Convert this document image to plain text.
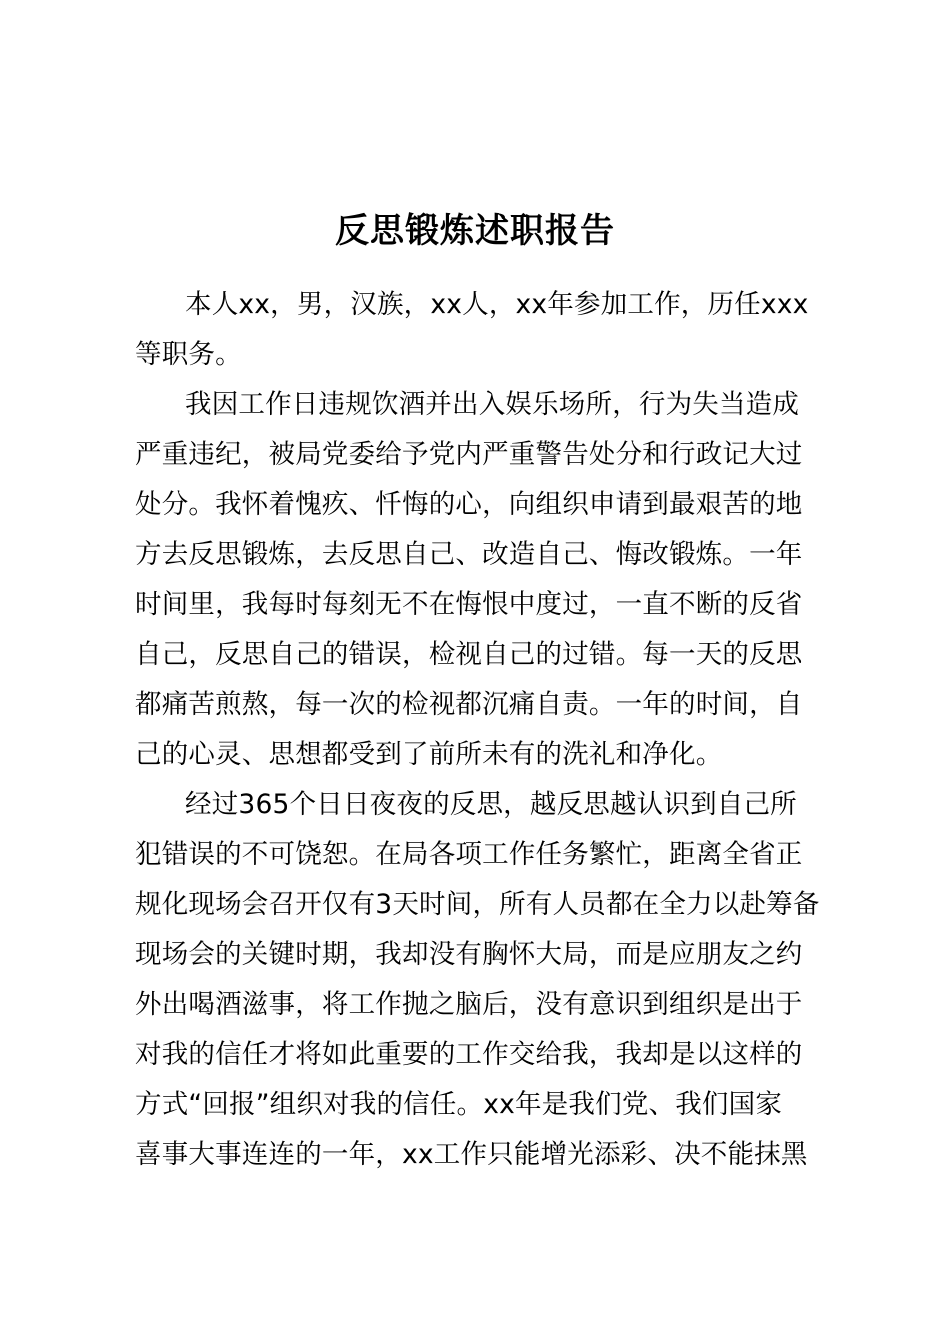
反思锻炼述职报告
本人xx，男，汉族，xx人，xx年参加工作，历任xxx
等职务。
我因工作日违规饮酒并出入娱乐场所，行为失当造成
严重违纪，被局党委给予党内严重警告处分和行政记大过
处分。我怀着愧疚、忏悔的心，向组织申请到最艰苦的地
方去反思锻炼，去反思自己、改造自己、悔改锻炼。一年
时间里，我每时每刻无不在悔恨中度过，一直不断的反省
自己，反思自己的错误，检视自己的过错。每一天的反思
都痛苦煎熬，每一次的检视都沉痛自责。一年的时间，自
己的心灵、思想都受到了前所未有的洗礼和净化。
经过365个日日夜夜的反思，越反思越认识到自己所
犯错误的不可饶恕。在局各项工作任务繁忙，距离全省正
规化现场会召开仅有3天时间，所有人员都在全力以赴筹备
现场会的关键时期，我却没有胸怀大局，而是应朋友之约
外出喝酒滋事，将工作抛之脑后，没有意识到组织是出于
对我的信任才将如此重要的工作交给我，我却是以这样的
方式“回报”组织对我的信任。xx年是我们党、我们国家
喜事大事连连的一年，xx工作只能增光添彩、决不能抹黑
